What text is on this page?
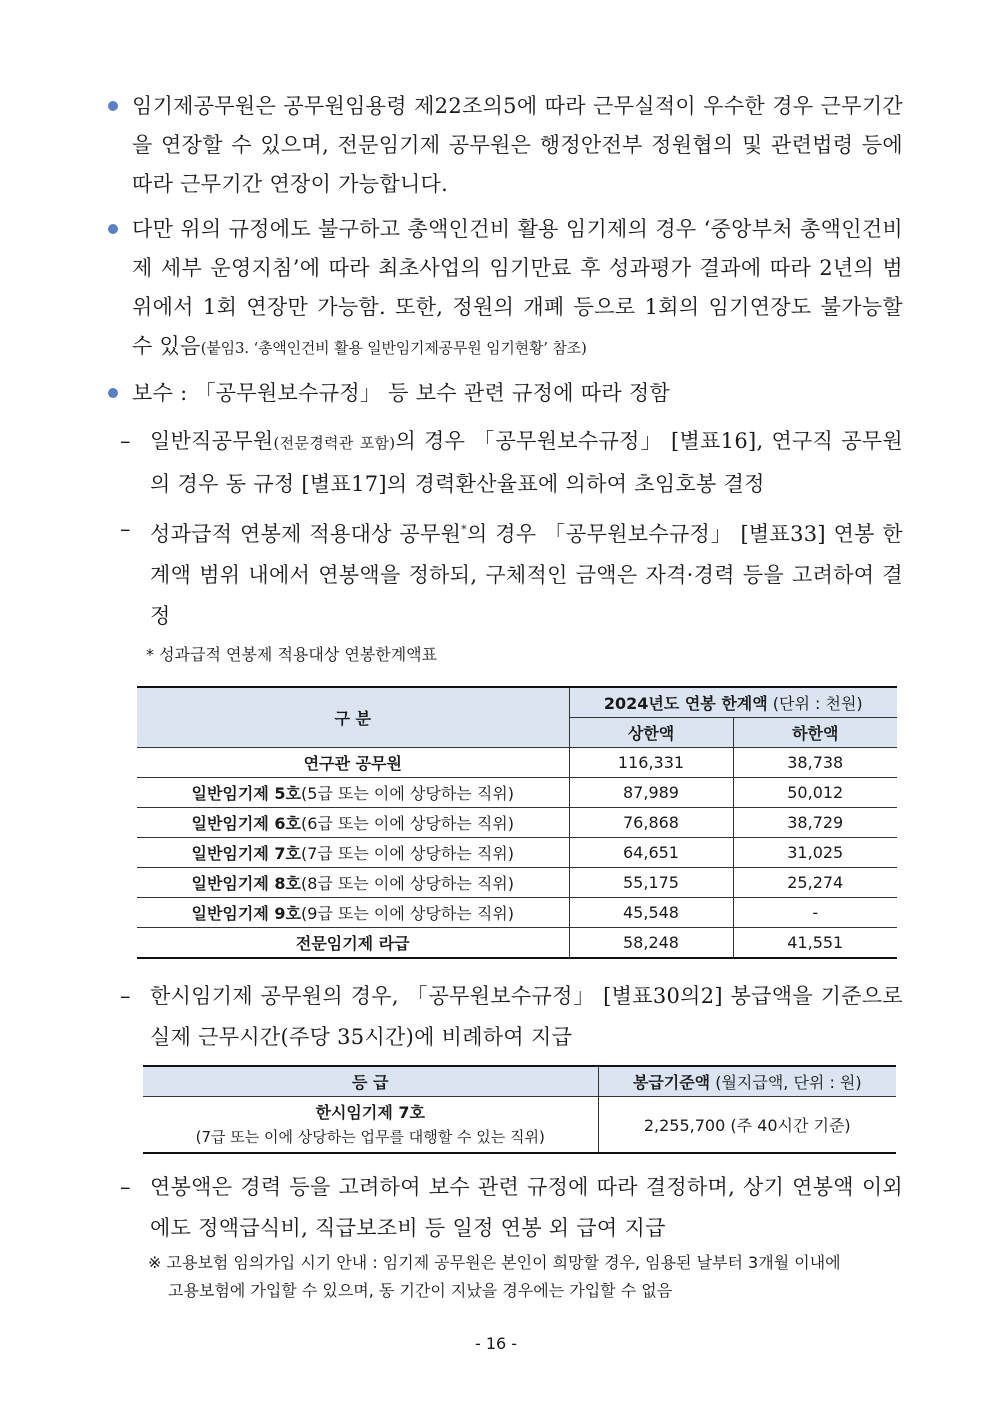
임기제공무원은 공무원임용령 제22조의5에 따라 근무실적이 우수한 경우 근무기간을 연장할 수 있으며, 전문임기제 공무원은 행정안전부 정원협의 및 관련법령 등에 따라 근무기간 연장이 가능합니다.
다만 위의 규정에도 불구하고 총액인건비 활용 임기제의 경우 ‘중앙부처 총액인건비제 세부 운영지침’에 따라 최초사업의 임기만료 후 성과평가 결과에 따라 2년의 범위에서 1회 연장만 가능함. 또한, 정원의 개폐 등으로 1회의 임기연장도 불가능할 수 있음(붙임3. ‘총액인건비 활용 일반임기제공무원 임기현황’ 참조)
보수 : 「공무원보수규정」 등 보수 관련 규정에 따라 정함
– 일반직공무원(전문경력관 포함)의 경우 「공무원보수규정」 [별표16], 연구직 공무원의 경우 동 규정 [별표17]의 경력환산율표에 의하여 초임호봉 결정
– 성과급적 연봉제 적용대상 공무원*의 경우 「공무원보수규정」 [별표33] 연봉 한계액 범위 내에서 연봉액을 정하되, 구체적인 금액은 자격·경력 등을 고려하여 결정
* 성과급적 연봉제 적용대상 연봉한계액표
구 분	2024년도 연봉 한계액 (단위 : 천원)	
	상한액	하한액
연구관 공무원	116,331	38,738
일반임기제 5호(5급 또는 이에 상당하는 직위)	87,989	50,012
일반임기제 6호(6급 또는 이에 상당하는 직위)	76,868	38,729
일반임기제 7호(7급 또는 이에 상당하는 직위)	64,651	31,025
일반임기제 8호(8급 또는 이에 상당하는 직위)	55,175	25,274
일반임기제 9호(9급 또는 이에 상당하는 직위)	45,548	-
전문임기제 라급	58,248	41,551
– 한시임기제 공무원의 경우, 「공무원보수규정」 [별표30의2] 봉급액을 기준으로 실제 근무시간(주당 35시간)에 비례하여 지급
등 급	봉급기준액 (월지급액, 단위 : 원)

한시임기제 7호
(7급 또는 이에 상당하는 업무를 대행할 수 있는 직위)	2,255,700 (주 40시간 기준)
– 연봉액은 경력 등을 고려하여 보수 관련 규정에 따라 결정하며, 상기 연봉액 이외에도 정액급식비, 직급보조비 등 일정 연봉 외 급여 지급
※ 고용보험 임의가입 시기 안내 : 임기제 공무원은 본인이 희망할 경우, 임용된 날부터 3개월 이내에
고용보험에 가입할 수 있으며, 동 기간이 지났을 경우에는 가입할 수 없음
- 16 -
